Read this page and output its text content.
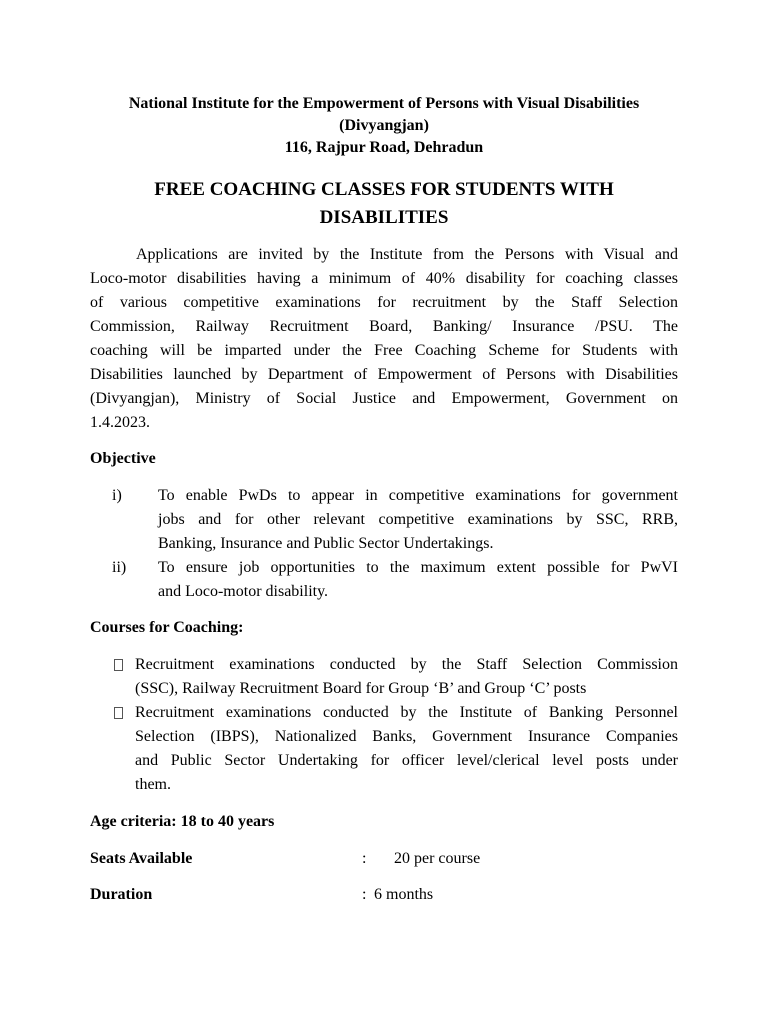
National Institute for the Empowerment of Persons with Visual Disabilities
(Divyangjan)
116, Rajpur Road, Dehradun
FREE COACHING CLASSES FOR STUDENTS WITH
DISABILITIES
Applications are invited by the Institute from the Persons with Visual and
Loco-motor disabilities having a minimum of 40% disability for coaching classes
of various competitive examinations for recruitment by the Staff Selection
Commission, Railway Recruitment Board, Banking/ Insurance /PSU. The
coaching will be imparted under the Free Coaching Scheme for Students with
Disabilities launched by Department of Empowerment of Persons with Disabilities
(Divyangjan), Ministry of Social Justice and Empowerment, Government on
1.4.2023.
Objective
i) To enable PwDs to appear in competitive examinations for government
jobs and for other relevant competitive examinations by SSC, RRB,
Banking, Insurance and Public Sector Undertakings.
ii) To ensure job opportunities to the maximum extent possible for PwVI
and Loco-motor disability.
Courses for Coaching:
Recruitment examinations conducted by the Staff Selection Commission
(SSC), Railway Recruitment Board for Group ‘B’ and Group ‘C’ posts
Recruitment examinations conducted by the Institute of Banking Personnel
Selection (IBPS), Nationalized Banks, Government Insurance Companies
and Public Sector Undertaking for officer level/clerical level posts under
them.
Age criteria: 18 to 40 years
Seats Available	: 20 per course
Duration	: 6 months
